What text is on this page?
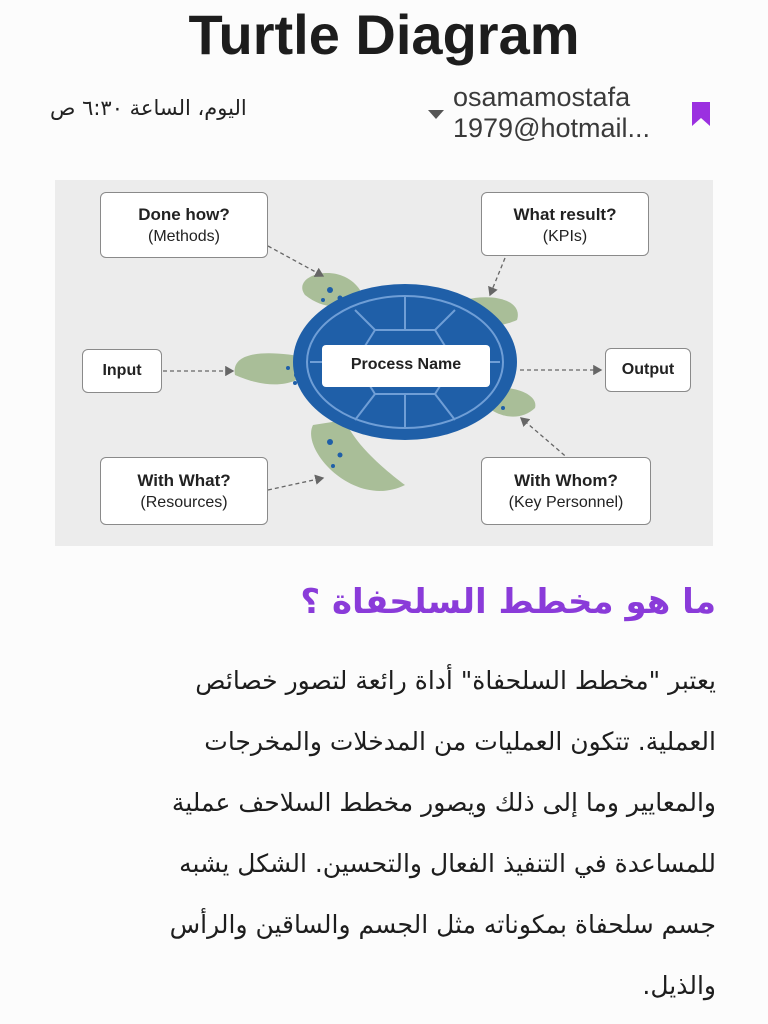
Turtle Diagram
osamamostafa
1979@hotmail...
اليوم، الساعة ٦:٣٠ ص
Process Name
Done how?
(Methods)
What result?
(KPIs)
Input	Output
With What?
(Resources)
With Whom?
(Key Personnel)
ما هو مخطط السلحفاة ؟
يعتبر "مخطط السلحفاة" أداة رائعة لتصور خصائص
العملية. تتكون العمليات من المدخلات والمخرجات
والمعايير وما إلى ذلك ويصور مخطط السلاحف عملية
للمساعدة في التنفيذ الفعال والتحسين. الشكل يشبه
جسم سلحفاة بمكوناته مثل الجسم والساقين والرأس
والذيل.
